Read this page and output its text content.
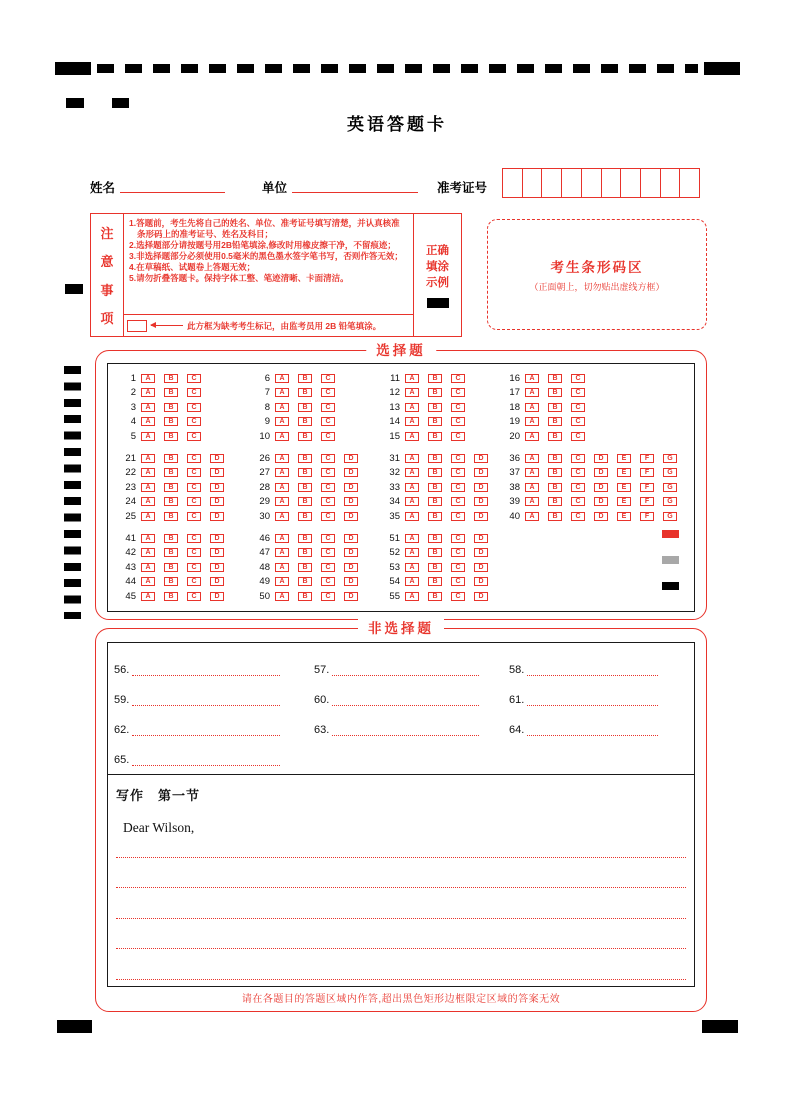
英语答题卡
姓名	单位	准考证号
注
意
事
项
1.答题前，考生先将自己的姓名、单位、准考证号填写清楚，并认真核准条形码上的准考证号、姓名及科目；
2.选择题部分请按题号用2B铅笔填涂,修改时用橡皮擦干净，不留痕迹；
3.非选择题部分必须使用0.5毫米的黑色墨水签字笔书写，否则作答无效；
4.在草稿纸、试题卷上答题无效；
5.请勿折叠答题卡。保持字体工整、笔迹清晰、卡面清洁。
此方框为缺考考生标记，由监考员用 2B 铅笔填涂。
正确
填涂
示例
考生条形码区
（正面朝上，切勿贴出虚线方框）
选择题
1	A	B	C
2	A	B	C
3	A	B	C
4	A	B	C
5	A	B	C
6	A	B	C
7	A	B	C
8	A	B	C
9	A	B	C
10	A	B	C
11	A	B	C
12	A	B	C
13	A	B	C
14	A	B	C
15	A	B	C
16	A	B	C
17	A	B	C
18	A	B	C
19	A	B	C
20	A	B	C
21	A	B	C	D
22	A	B	C	D
23	A	B	C	D
24	A	B	C	D
25	A	B	C	D
26	A	B	C	D
27	A	B	C	D
28	A	B	C	D
29	A	B	C	D
30	A	B	C	D
31	A	B	C	D
32	A	B	C	D
33	A	B	C	D
34	A	B	C	D
35	A	B	C	D
36	A	B	C	D	E	F	G
37	A	B	C	D	E	F	G
38	A	B	C	D	E	F	G
39	A	B	C	D	E	F	G
40	A	B	C	D	E	F	G
41	A	B	C	D
42	A	B	C	D
43	A	B	C	D
44	A	B	C	D
45	A	B	C	D
46	A	B	C	D
47	A	B	C	D
48	A	B	C	D
49	A	B	C	D
50	A	B	C	D
51	A	B	C	D
52	A	B	C	D
53	A	B	C	D
54	A	B	C	D
55	A	B	C	D
非选择题
56.	57.	58.
59.	60.	61.
62.	63.	64.
65.
写作　第一节
Dear Wilson,
请在各题目的答题区域内作答,超出黑色矩形边框限定区域的答案无效
